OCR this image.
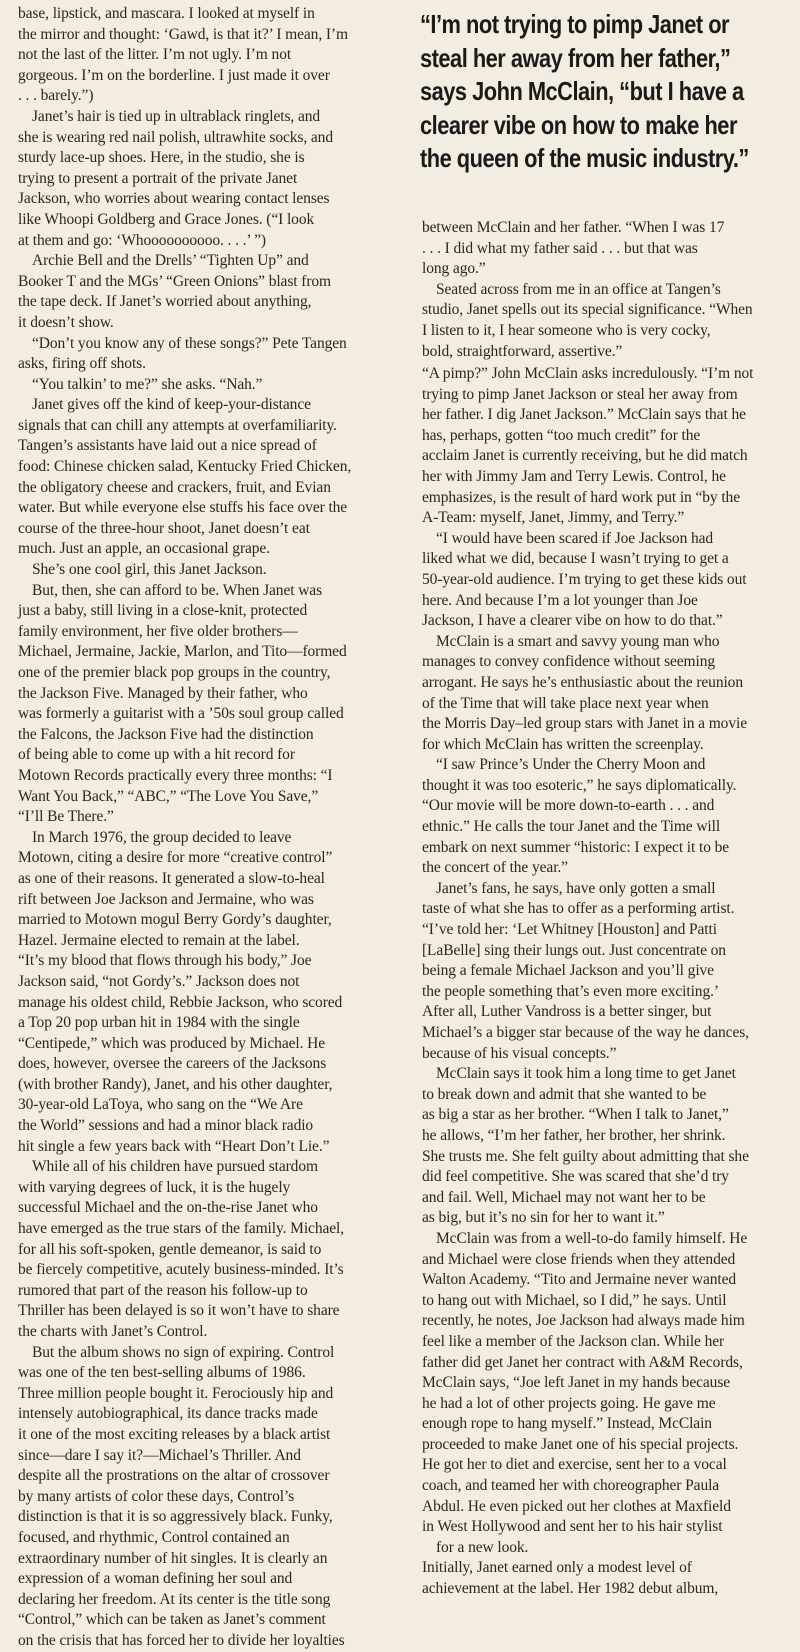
base, lipstick, and mascara. I looked at myself in
the mirror and thought: ‘Gawd, is that it?’ I mean, I’m
not the last of the litter. I’m not ugly. I’m not
gorgeous. I’m on the borderline. I just made it over
. . . barely.”)
Janet’s hair is tied up in ultrablack ringlets, and
she is wearing red nail polish, ultrawhite socks, and
sturdy lace-up shoes. Here, in the studio, she is
trying to present a portrait of the private Janet
Jackson, who worries about wearing contact lenses
like Whoopi Goldberg and Grace Jones. (“I look
at them and go: ‘Whoooooooooo. . . .’ ”)
Archie Bell and the Drells’ “Tighten Up” and
Booker T and the MGs’ “Green Onions” blast from
the tape deck. If Janet’s worried about anything,
it doesn’t show.
“Don’t you know any of these songs?” Pete Tangen
asks, firing off shots.
“You talkin’ to me?” she asks. “Nah.”
Janet gives off the kind of keep-your-distance
signals that can chill any attempts at overfamiliarity.
Tangen’s assistants have laid out a nice spread of
food: Chinese chicken salad, Kentucky Fried Chicken,
the obligatory cheese and crackers, fruit, and Evian
water. But while everyone else stuffs his face over the
course of the three-hour shoot, Janet doesn’t eat
much. Just an apple, an occasional grape.
She’s one cool girl, this Janet Jackson.
But, then, she can afford to be. When Janet was
just a baby, still living in a close-knit, protected
family environment, her five older brothers—
Michael, Jermaine, Jackie, Marlon, and Tito—formed
one of the premier black pop groups in the country,
the Jackson Five. Managed by their father, who
was formerly a guitarist with a ’50s soul group called
the Falcons, the Jackson Five had the distinction
of being able to come up with a hit record for
Motown Records practically every three months: “I
Want You Back,” “ABC,” “The Love You Save,”
“I’ll Be There.”
In March 1976, the group decided to leave
Motown, citing a desire for more “creative control”
as one of their reasons. It generated a slow-to-heal
rift between Joe Jackson and Jermaine, who was
married to Motown mogul Berry Gordy’s daughter,
Hazel. Jermaine elected to remain at the label.
“It’s my blood that flows through his body,” Joe
Jackson said, “not Gordy’s.” Jackson does not
manage his oldest child, Rebbie Jackson, who scored
a Top 20 pop urban hit in 1984 with the single
“Centipede,” which was produced by Michael. He
does, however, oversee the careers of the Jacksons
(with brother Randy), Janet, and his other daughter,
30-year-old LaToya, who sang on the “We Are
the World” sessions and had a minor black radio
hit single a few years back with “Heart Don’t Lie.”
While all of his children have pursued stardom
with varying degrees of luck, it is the hugely
successful Michael and the on-the-rise Janet who
have emerged as the true stars of the family. Michael,
for all his soft-spoken, gentle demeanor, is said to
be fiercely competitive, acutely business-minded. It’s
rumored that part of the reason his follow-up to
Thriller has been delayed is so it won’t have to share
the charts with Janet’s Control.
But the album shows no sign of expiring. Control
was one of the ten best-selling albums of 1986.
Three million people bought it. Ferociously hip and
intensely autobiographical, its dance tracks made
it one of the most exciting releases by a black artist
since—dare I say it?—Michael’s Thriller. And
despite all the prostrations on the altar of crossover
by many artists of color these days, Control’s
distinction is that it is so aggressively black. Funky,
focused, and rhythmic, Control contained an
extraordinary number of hit singles. It is clearly an
expression of a woman defining her soul and
declaring her freedom. At its center is the title song
“Control,” which can be taken as Janet’s comment
on the crisis that has forced her to divide her loyalties
“I’m not trying to pimp Janet or
steal her away from her father,”
says John McClain, “but I have a
clearer vibe on how to make her
the queen of the music industry.”
between McClain and her father. “When I was 17
. . . I did what my father said . . . but that was
long ago.”
Seated across from me in an office at Tangen’s
studio, Janet spells out its special significance. “When
I listen to it, I hear someone who is very cocky,
bold, straightforward, assertive.”
“A pimp?” John McClain asks incredulously. “I’m not
trying to pimp Janet Jackson or steal her away from
her father. I dig Janet Jackson.” McClain says that he
has, perhaps, gotten “too much credit” for the
acclaim Janet is currently receiving, but he did match
her with Jimmy Jam and Terry Lewis. Control, he
emphasizes, is the result of hard work put in “by the
A-Team: myself, Janet, Jimmy, and Terry.”
“I would have been scared if Joe Jackson had
liked what we did, because I wasn’t trying to get a
50-year-old audience. I’m trying to get these kids out
here. And because I’m a lot younger than Joe
Jackson, I have a clearer vibe on how to do that.”
McClain is a smart and savvy young man who
manages to convey confidence without seeming
arrogant. He says he’s enthusiastic about the reunion
of the Time that will take place next year when
the Morris Day–led group stars with Janet in a movie
for which McClain has written the screenplay.
“I saw Prince’s Under the Cherry Moon and
thought it was too esoteric,” he says diplomatically.
“Our movie will be more down-to-earth . . . and
ethnic.” He calls the tour Janet and the Time will
embark on next summer “historic: I expect it to be
the concert of the year.”
Janet’s fans, he says, have only gotten a small
taste of what she has to offer as a performing artist.
“I’ve told her: ‘Let Whitney [Houston] and Patti
[LaBelle] sing their lungs out. Just concentrate on
being a female Michael Jackson and you’ll give
the people something that’s even more exciting.’
After all, Luther Vandross is a better singer, but
Michael’s a bigger star because of the way he dances,
because of his visual concepts.”
McClain says it took him a long time to get Janet
to break down and admit that she wanted to be
as big a star as her brother. “When I talk to Janet,”
he allows, “I’m her father, her brother, her shrink.
She trusts me. She felt guilty about admitting that she
did feel competitive. She was scared that she’d try
and fail. Well, Michael may not want her to be
as big, but it’s no sin for her to want it.”
McClain was from a well-to-do family himself. He
and Michael were close friends when they attended
Walton Academy. “Tito and Jermaine never wanted
to hang out with Michael, so I did,” he says. Until
recently, he notes, Joe Jackson had always made him
feel like a member of the Jackson clan. While her
father did get Janet her contract with A&M Records,
McClain says, “Joe left Janet in my hands because
he had a lot of other projects going. He gave me
enough rope to hang myself.” Instead, McClain
proceeded to make Janet one of his special projects.
He got her to diet and exercise, sent her to a vocal
coach, and teamed her with choreographer Paula
Abdul. He even picked out her clothes at Maxfield
in West Hollywood and sent her to his hair stylist
for a new look.
Initially, Janet earned only a modest level of
achievement at the label. Her 1982 debut album,
